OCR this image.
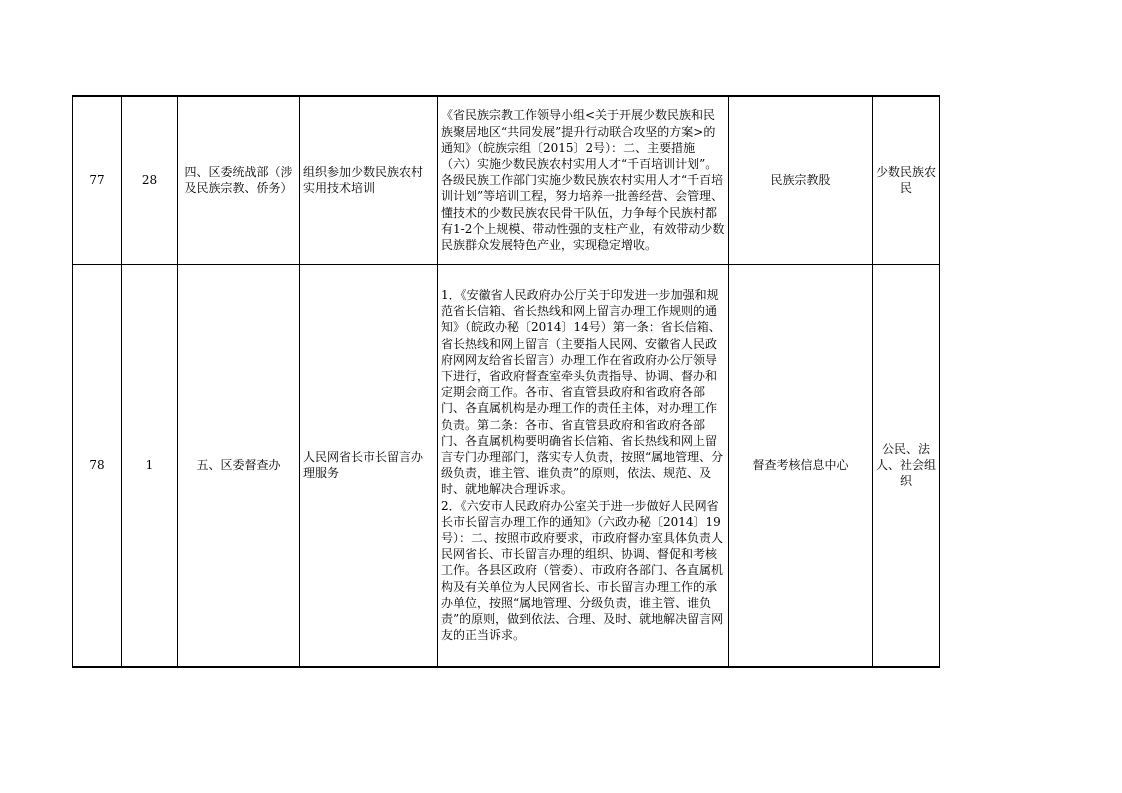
77	28	四、区委统战部（涉及民族宗教、侨务）	组织参加少数民族农村实用技术培训	《省民族宗教工作领导小组<关于开展少数民族和民族聚居地区“共同发展”提升行动联合攻坚的方案>的通知》（皖族宗组〔2015〕2号）：二、主要措施（六）实施少数民族农村实用人才“千百培训计划”。各级民族工作部门实施少数民族农村实用人才“千百培训计划”等培训工程，努力培养一批善经营、会管理、懂技术的少数民族农民骨干队伍，力争每个民族村都有1-2个上规模、带动性强的支柱产业，有效带动少数民族群众发展特色产业，实现稳定增收。	民族宗教股	少数民族农民
78	1	五、区委督查办	人民网省长市长留言办理服务	1．《安徽省人民政府办公厅关于印发进一步加强和规范省长信箱、省长热线和网上留言办理工作规则的通知》（皖政办秘〔2014〕14号）第一条：省长信箱、省长热线和网上留言（主要指人民网、安徽省人民政府网网友给省长留言）办理工作在省政府办公厅领导下进行，省政府督查室牵头负责指导、协调、督办和定期会商工作。各市、省直管县政府和省政府各部门、各直属机构是办理工作的责任主体，对办理工作负责。第二条：各市、省直管县政府和省政府各部门、各直属机构要明确省长信箱、省长热线和网上留言专门办理部门，落实专人负责，按照“属地管理、分级负责，谁主管、谁负责”的原则，依法、规范、及时、就地解决合理诉求。
2．《六安市人民政府办公室关于进一步做好人民网省长市长留言办理工作的通知》（六政办秘〔2014〕19号）：二、按照市政府要求，市政府督办室具体负责人民网省长、市长留言办理的组织、协调、督促和考核工作。各县区政府（管委）、市政府各部门、各直属机构及有关单位为人民网省长、市长留言办理工作的承办单位，按照“属地管理、分级负责，谁主管、谁负责”的原则，做到依法、合理、及时、就地解决留言网友的正当诉求。	督查考核信息中心	公民、法人、社会组织
